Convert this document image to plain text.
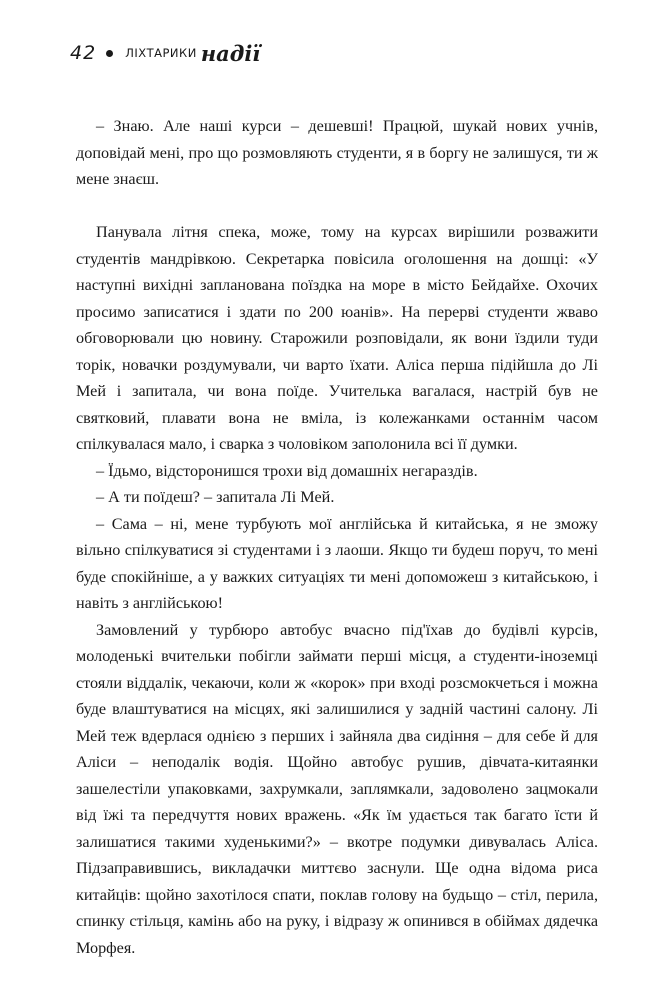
42	ЛІХТАРИКИ надії

– Знаю. Але наші курси – дешевші! Працюй, шукай нових учнів, доповідай мені, про що розмовляють студенти, я в боргу не залишуся, ти ж мене знаєш.

Панувала літня спека, може, тому на курсах вирішили розважити студентів мандрівкою. Секретарка повісила оголошення на дошці: «У наступні вихідні запланована поїздка на море в місто Бейдайхе. Охочих просимо записатися і здати по 200 юанів». На перерві студенти жваво обговорювали цю новину. Старожили розповідали, як вони їздили туди торік, новачки роздумували, чи варто їхати. Аліса перша підійшла до Лі Мей і запитала, чи вона поїде. Учителька вагалася, настрій був не святковий, плавати вона не вміла, із колежанками останнім часом спілкувалася мало, і сварка з чоловіком заполонила всі її думки.

– Їдьмо, відсторонишся трохи від домашніх негараздів.

– А ти поїдеш? – запитала Лі Мей.

– Сама – ні, мене турбують мої англійська й китайська, я не зможу вільно спілкуватися зі студентами і з лаоши. Якщо ти будеш поруч, то мені буде спокійніше, а у важких ситуаціях ти мені допоможеш з китайською, і навіть з англійською!

Замовлений у турбюро автобус вчасно під'їхав до будівлі курсів, молоденькі вчительки побігли займати перші місця, а студенти-іноземці стояли віддалік, чекаючи, коли ж «корок» при вході розсмокчеться і можна буде влаштуватися на місцях, які залишилися у задній частині салону. Лі Мей теж вдерлася однією з перших і зайняла два сидіння – для себе й для Аліси – неподалік водія. Щойно автобус рушив, дівчата-китаянки зашелестіли упаковками, захрумкали, заплямкали, задоволено зацмокали від їжі та передчуття нових вражень. «Як їм удається так багато їсти й залишатися такими худенькими?» – вкотре подумки дивувалась Аліса. Підзаправившись, викладачки миттєво заснули. Ще одна відома риса китайців: щойно захотілося спати, поклав голову на будьщо – стіл, перила, спинку стільця, камінь або на руку, і відразу ж опинився в обіймах дядечка Морфея.
